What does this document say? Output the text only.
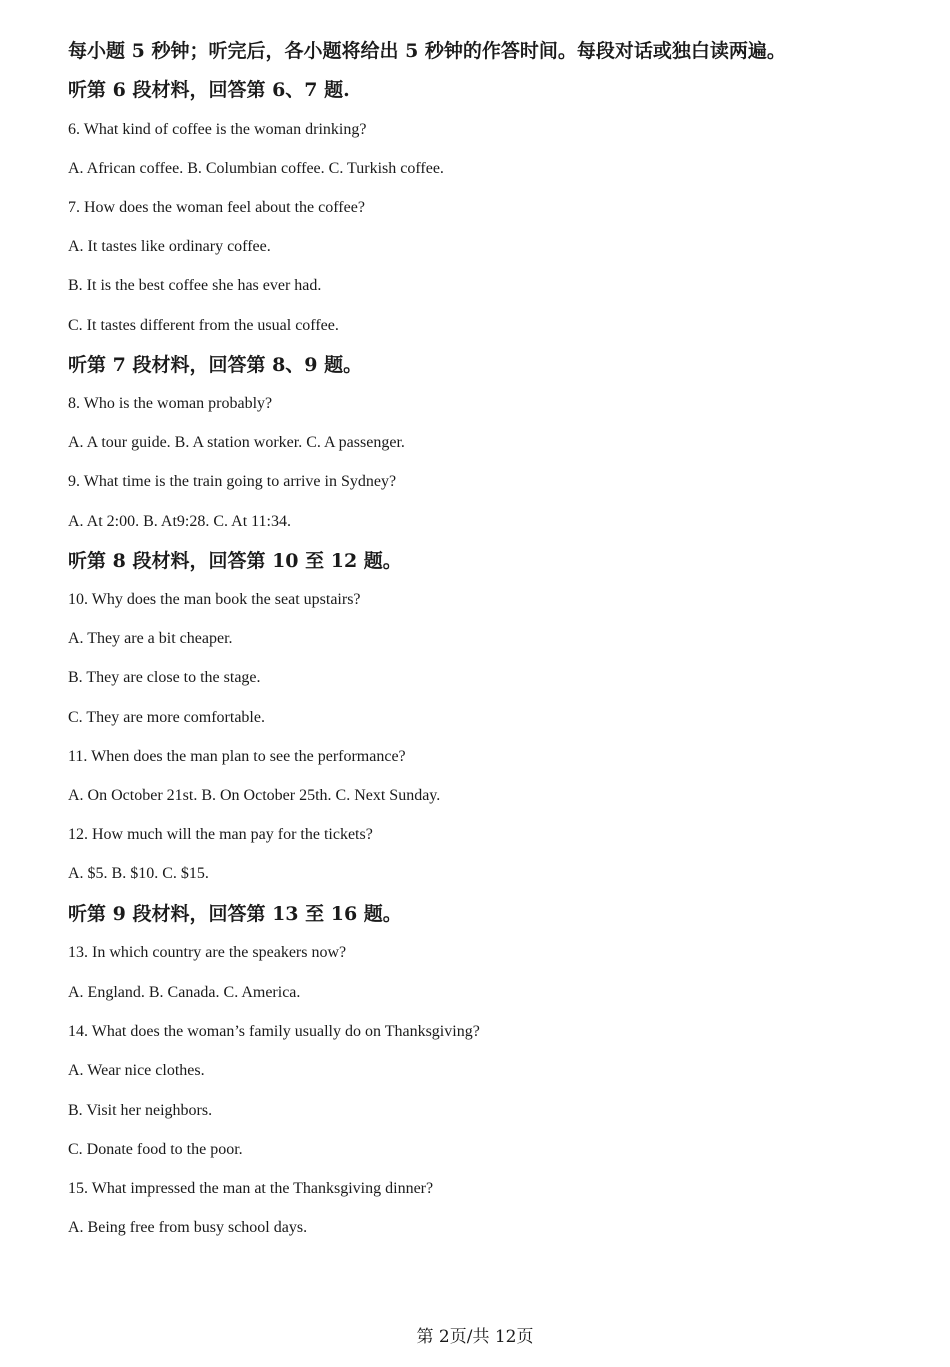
每小题 5 秒钟；听完后，各小题将给出 5 秒钟的作答时间。每段对话或独白读两遍。
听第 6 段材料，回答第 6、7 题.
6. What kind of coffee is the woman drinking?
A. African coffee. B. Columbian coffee. C. Turkish coffee.
7. How does the woman feel about the coffee?
A. It tastes like ordinary coffee.
B. It is the best coffee she has ever had.
C. It tastes different from the usual coffee.
听第 7 段材料，回答第 8、9 题。
8. Who is the woman probably?
A. A tour guide. B. A station worker. C. A passenger.
9. What time is the train going to arrive in Sydney?
A. At 2:00. B. At9:28. C. At 11:34.
听第 8 段材料，回答第 10 至 12 题。
10. Why does the man book the seat upstairs?
A. They are a bit cheaper.
B. They are close to the stage.
C. They are more comfortable.
11. When does the man plan to see the performance?
A. On October 21st. B. On October 25th. C. Next Sunday.
12. How much will the man pay for the tickets?
A. $5. B. $10. C. $15.
听第 9 段材料，回答第 13 至 16 题。
13. In which country are the speakers now?
A. England. B. Canada. C. America.
14. What does the woman’s family usually do on Thanksgiving?
A. Wear nice clothes.
B. Visit her neighbors.
C. Donate food to the poor.
15. What impressed the man at the Thanksgiving dinner?
A. Being free from busy school days.
第 2页/共 12页
